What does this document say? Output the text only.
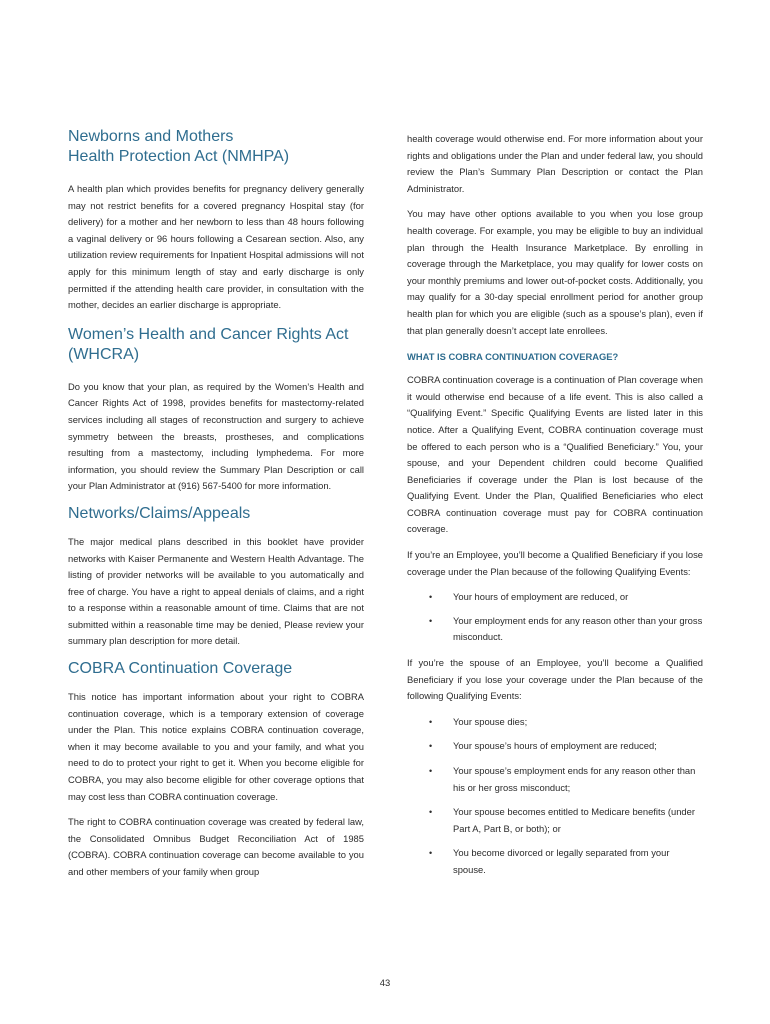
Newborns and Mothers
Health Protection Act (NMHPA)

A health plan which provides benefits for pregnancy delivery generally may not restrict benefits for a covered pregnancy Hospital stay (for delivery) for a mother and her newborn to less than 48 hours following a vaginal delivery or 96 hours following a Cesarean section. Also, any utilization review requirements for Inpatient Hospital admissions will not apply for this minimum length of stay and early discharge is only permitted if the attending health care provider, in consultation with the mother, decides an earlier discharge is appropriate.

Women’s Health and Cancer Rights Act
(WHCRA)

Do you know that your plan, as required by the Women’s Health and Cancer Rights Act of 1998, provides benefits for mastectomy-related services including all stages of reconstruction and surgery to achieve symmetry between the breasts, prostheses, and complications resulting from a mastectomy, including lymphedema. For more information, you should review the Summary Plan Description or call your Plan Administrator at (916) 567-5400 for more information.

Networks/Claims/Appeals

The major medical plans described in this booklet have provider networks with Kaiser Permanente and Western Health Advantage. The listing of provider networks will be available to you automatically and free of charge. You have a right to appeal denials of claims, and a right to a response within a reasonable amount of time. Claims that are not submitted within a reasonable time may be denied, Please review your summary plan description for more detail.

COBRA Continuation Coverage

This notice has important information about your right to COBRA continuation coverage, which is a temporary extension of coverage under the Plan. This notice explains COBRA continuation coverage, when it may become available to you and your family, and what you need to do to protect your right to get it. When you become eligible for COBRA, you may also become eligible for other coverage options that may cost less than COBRA continuation coverage.

The right to COBRA continuation coverage was created by federal law, the Consolidated Omnibus Budget Reconciliation Act of 1985 (COBRA). COBRA continuation coverage can become available to you and other members of your family when group

health coverage would otherwise end. For more information about your rights and obligations under the Plan and under federal law, you should review the Plan’s Summary Plan Description or contact the Plan Administrator.

You may have other options available to you when you lose group health coverage. For example, you may be eligible to buy an individual plan through the Health Insurance Marketplace. By enrolling in coverage through the Marketplace, you may qualify for lower costs on your monthly premiums and lower out-of-pocket costs. Additionally, you may qualify for a 30-day special enrollment period for another group health plan for which you are eligible (such as a spouse’s plan), even if that plan generally doesn’t accept late enrollees.

WHAT IS COBRA CONTINUATION COVERAGE?

COBRA continuation coverage is a continuation of Plan coverage when it would otherwise end because of a life event. This is also called a “Qualifying Event.” Specific Qualifying Events are listed later in this notice. After a Qualifying Event, COBRA continuation coverage must be offered to each person who is a “Qualified Beneficiary.” You, your spouse, and your Dependent children could become Qualified Beneficiaries if coverage under the Plan is lost because of the Qualifying Event. Under the Plan, Qualified Beneficiaries who elect COBRA continuation coverage must pay for COBRA continuation coverage.

If you’re an Employee, you’ll become a Qualified Beneficiary if you lose coverage under the Plan because of the following Qualifying Events:

• Your hours of employment are reduced, or
• Your employment ends for any reason other than your gross misconduct.

If you’re the spouse of an Employee, you’ll become a Qualified Beneficiary if you lose your coverage under the Plan because of the following Qualifying Events:

• Your spouse dies;
• Your spouse’s hours of employment are reduced;
• Your spouse’s employment ends for any reason other than his or her gross misconduct;
• Your spouse becomes entitled to Medicare benefits (under Part A, Part B, or both); or
• You become divorced or legally separated from your spouse.
43
